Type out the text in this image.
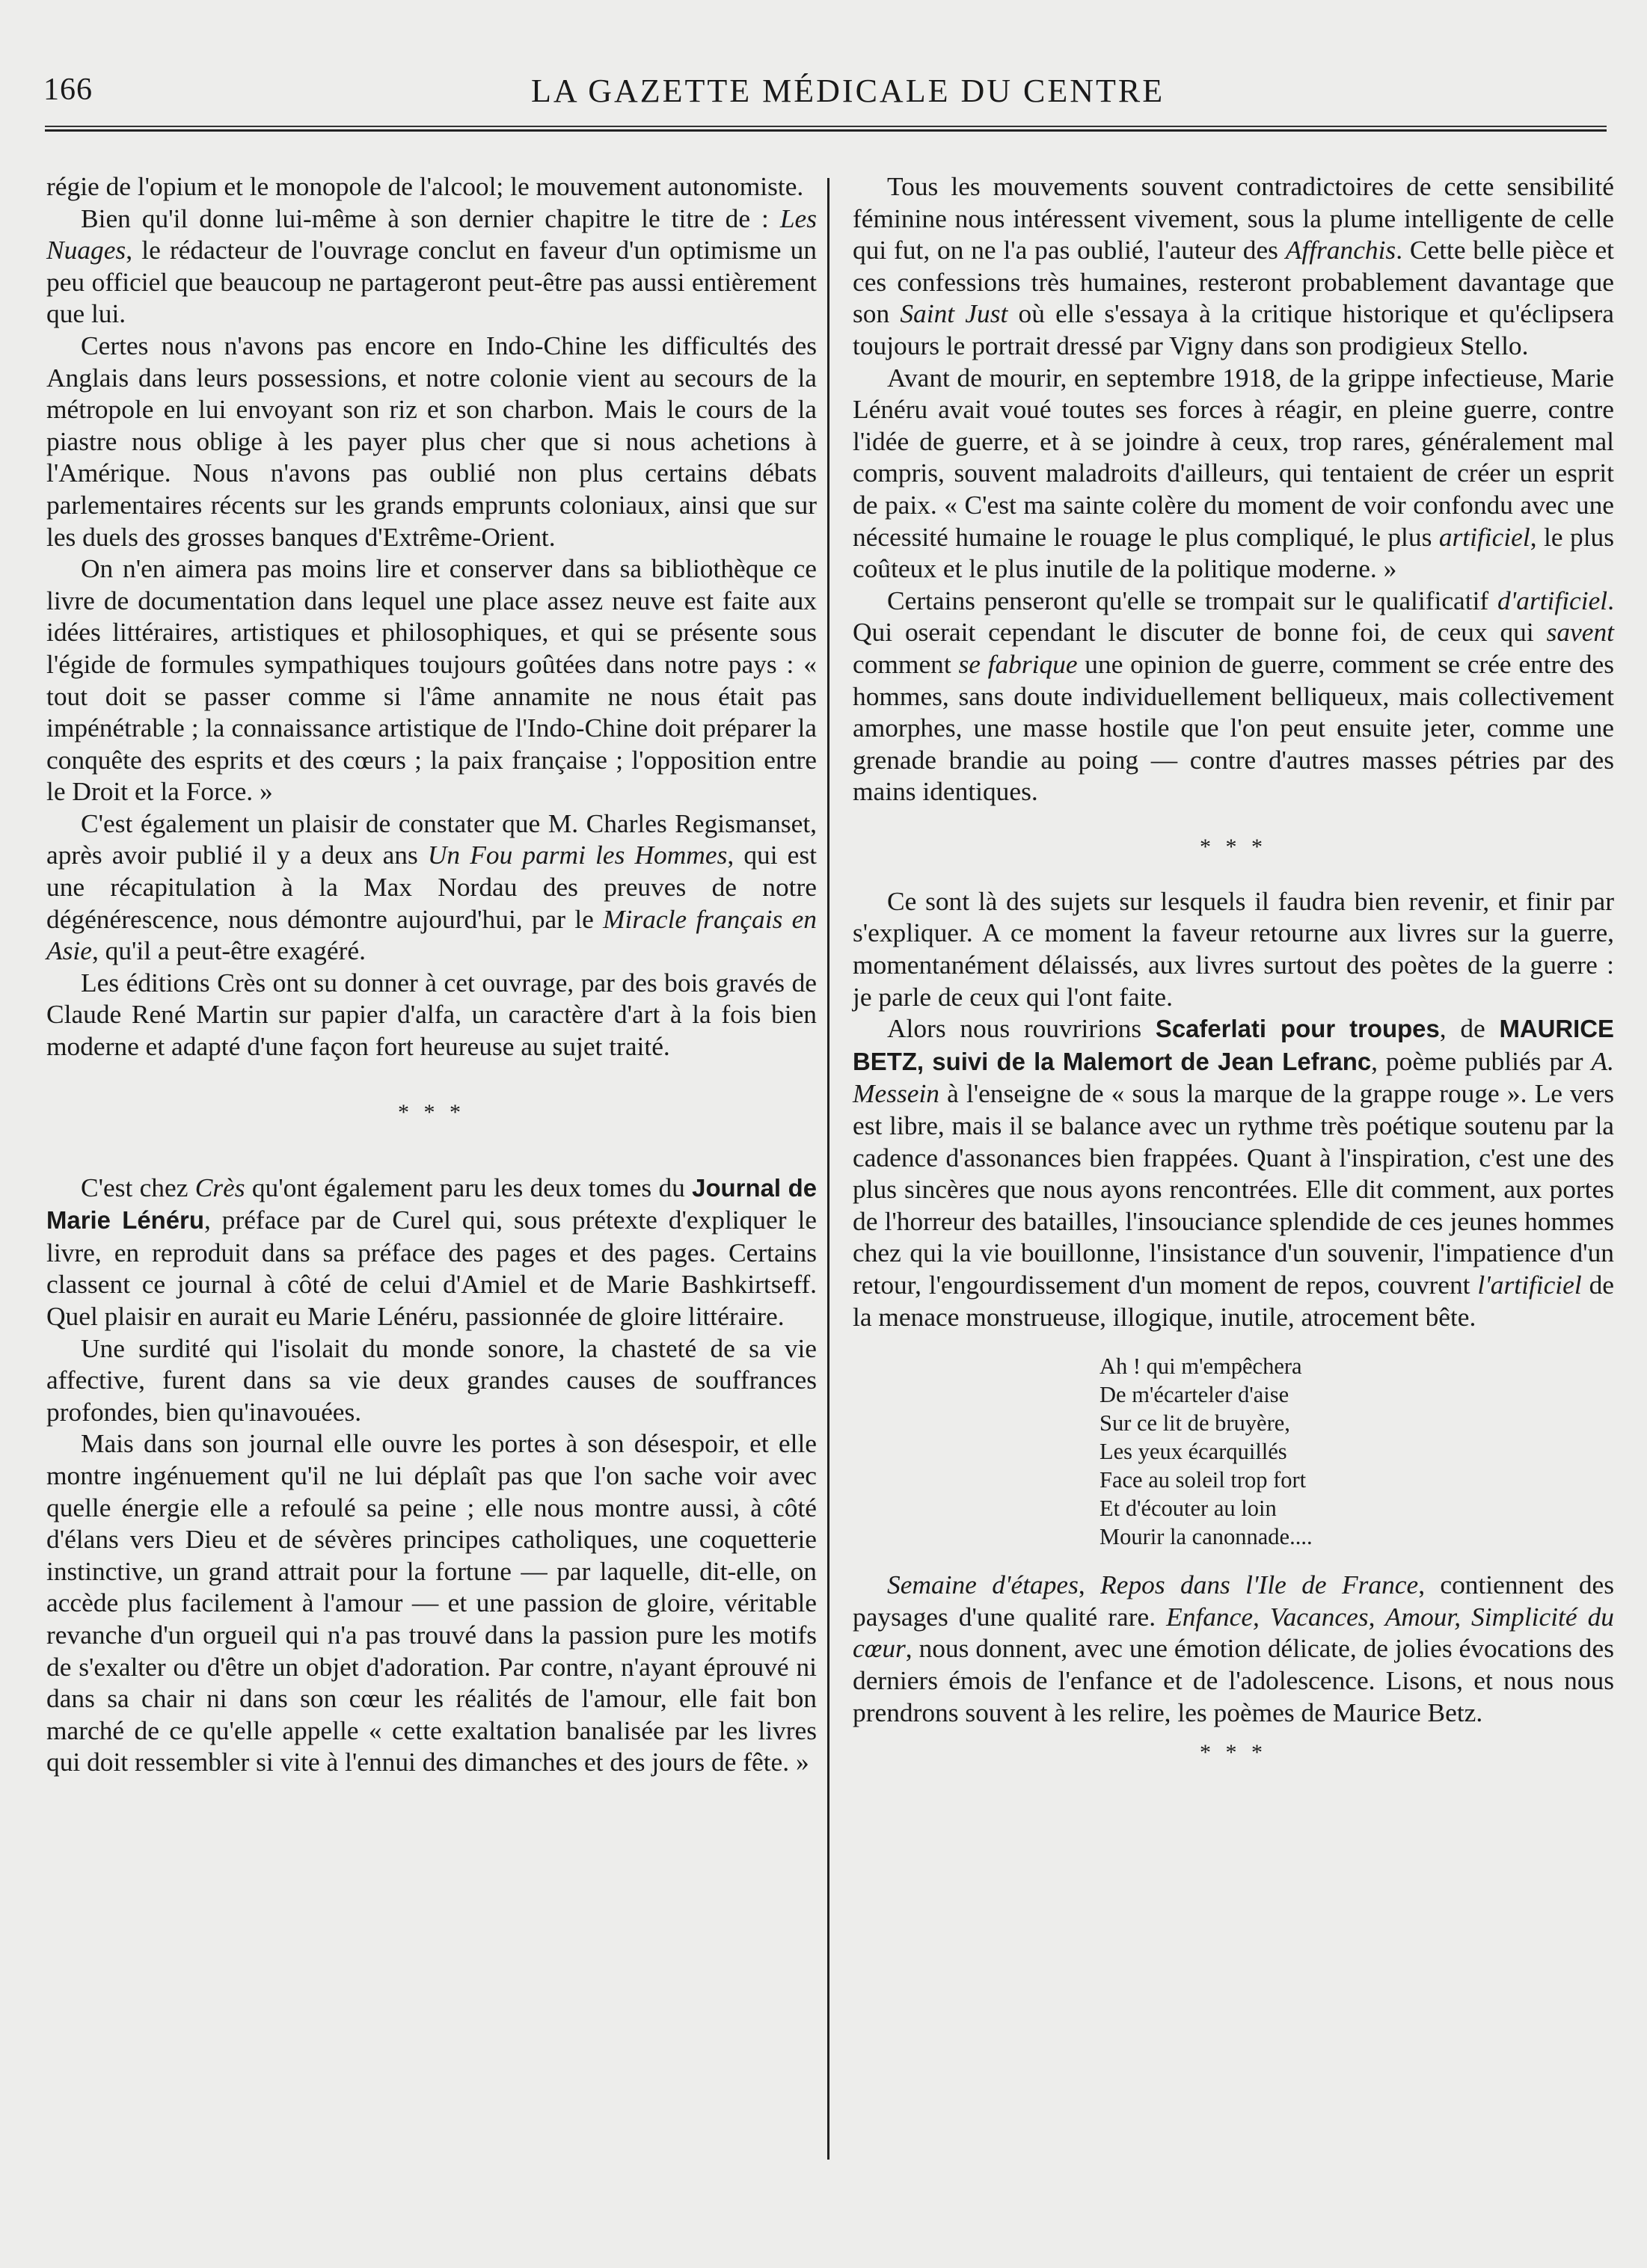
166	LA GAZETTE MÉDICALE DU CENTRE

régie de l'opium et le monopole de l'alcool; le mouvement autonomiste.

Bien qu'il donne lui-même à son dernier chapitre le titre de : Les Nuages, le rédacteur de l'ouvrage conclut en faveur d'un optimisme un peu officiel que beaucoup ne partageront peut-être pas aussi entièrement que lui.

Certes nous n'avons pas encore en Indo-Chine les difficultés des Anglais dans leurs possessions, et notre colonie vient au secours de la métropole en lui envoyant son riz et son charbon. Mais le cours de la piastre nous oblige à les payer plus cher que si nous achetions à l'Amérique. Nous n'avons pas oublié non plus certains débats parlementaires récents sur les grands emprunts coloniaux, ainsi que sur les duels des grosses banques d'Extrême-Orient.

On n'en aimera pas moins lire et conserver dans sa bibliothèque ce livre de documentation dans lequel une place assez neuve est faite aux idées littéraires, artistiques et philosophiques, et qui se présente sous l'égide de formules sympathiques toujours goûtées dans notre pays : « tout doit se passer comme si l'âme annamite ne nous était pas impénétrable ; la connaissance artistique de l'Indo-Chine doit préparer la conquête des esprits et des cœurs ; la paix française ; l'opposition entre le Droit et la Force. »

C'est également un plaisir de constater que M. Charles Regismanset, après avoir publié il y a deux ans Un Fou parmi les Hommes, qui est une récapitulation à la Max Nordau des preuves de notre dégénérescence, nous démontre aujourd'hui, par le Miracle français en Asie, qu'il a peut-être exagéré.

Les éditions Crès ont su donner à cet ouvrage, par des bois gravés de Claude René Martin sur papier d'alfa, un caractère d'art à la fois bien moderne et adapté d'une façon fort heureuse au sujet traité.

* * *

C'est chez Crès qu'ont également paru les deux tomes du Journal de Marie Lénéru, préface par de Curel qui, sous prétexte d'expliquer le livre, en reproduit dans sa préface des pages et des pages. Certains classent ce journal à côté de celui d'Amiel et de Marie Bashkirtseff. Quel plaisir en aurait eu Marie Lénéru, passionnée de gloire littéraire.

Une surdité qui l'isolait du monde sonore, la chasteté de sa vie affective, furent dans sa vie deux grandes causes de souffrances profondes, bien qu'inavouées.

Mais dans son journal elle ouvre les portes à son désespoir, et elle montre ingénuement qu'il ne lui déplaît pas que l'on sache voir avec quelle énergie elle a refoulé sa peine ; elle nous montre aussi, à côté d'élans vers Dieu et de sévères principes catholiques, une coquetterie instinctive, un grand attrait pour la fortune — par laquelle, dit-elle, on accède plus facilement à l'amour — et une passion de gloire, véritable revanche d'un orgueil qui n'a pas trouvé dans la passion pure les motifs de s'exalter ou d'être un objet d'adoration. Par contre, n'ayant éprouvé ni dans sa chair ni dans son cœur les réalités de l'amour, elle fait bon marché de ce qu'elle appelle « cette exaltation banalisée par les livres qui doit ressembler si vite à l'ennui des dimanches et des jours de fête. »

Tous les mouvements souvent contradictoires de cette sensibilité féminine nous intéressent vivement, sous la plume intelligente de celle qui fut, on ne l'a pas oublié, l'auteur des Affranchis. Cette belle pièce et ces confessions très humaines, resteront probablement davantage que son Saint Just où elle s'essaya à la critique historique et qu'éclipsera toujours le portrait dressé par Vigny dans son prodigieux Stello.

Avant de mourir, en septembre 1918, de la grippe infectieuse, Marie Lénéru avait voué toutes ses forces à réagir, en pleine guerre, contre l'idée de guerre, et à se joindre à ceux, trop rares, généralement mal compris, souvent maladroits d'ailleurs, qui tentaient de créer un esprit de paix. « C'est ma sainte colère du moment de voir confondu avec une nécessité humaine le rouage le plus compliqué, le plus artificiel, le plus coûteux et le plus inutile de la politique moderne. »

Certains penseront qu'elle se trompait sur le qualificatif d'artificiel. Qui oserait cependant le discuter de bonne foi, de ceux qui savent comment se fabrique une opinion de guerre, comment se crée entre des hommes, sans doute individuellement belliqueux, mais collectivement amorphes, une masse hostile que l'on peut ensuite jeter, comme une grenade brandie au poing — contre d'autres masses pétries par des mains identiques.

* * *

Ce sont là des sujets sur lesquels il faudra bien revenir, et finir par s'expliquer. A ce moment la faveur retourne aux livres sur la guerre, momentanément délaissés, aux livres surtout des poètes de la guerre : je parle de ceux qui l'ont faite.

Alors nous rouvririons Scaferlati pour troupes, de MAURICE BETZ, suivi de la Malemort de Jean Lefranc, poème publiés par A. Messein à l'enseigne de « sous la marque de la grappe rouge ». Le vers est libre, mais il se balance avec un rythme très poétique soutenu par la cadence d'assonances bien frappées. Quant à l'inspiration, c'est une des plus sincères que nous ayons rencontrées. Elle dit comment, aux portes de l'horreur des batailles, l'insouciance splendide de ces jeunes hommes chez qui la vie bouillonne, l'insistance d'un souvenir, l'impatience d'un retour, l'engourdissement d'un moment de repos, couvrent l'artificiel de la menace monstrueuse, illogique, inutile, atrocement bête.

Ah ! qui m'empêchera
De m'écarteler d'aise
Sur ce lit de bruyère,
Les yeux écarquillés
Face au soleil trop fort
Et d'écouter au loin
Mourir la canonnade....

Semaine d'étapes, Repos dans l'Ile de France, contiennent des paysages d'une qualité rare. Enfance, Vacances, Amour, Simplicité du cœur, nous donnent, avec une émotion délicate, de jolies évocations des derniers émois de l'enfance et de l'adolescence. Lisons, et nous nous prendrons souvent à les relire, les poèmes de Maurice Betz.

* * *
